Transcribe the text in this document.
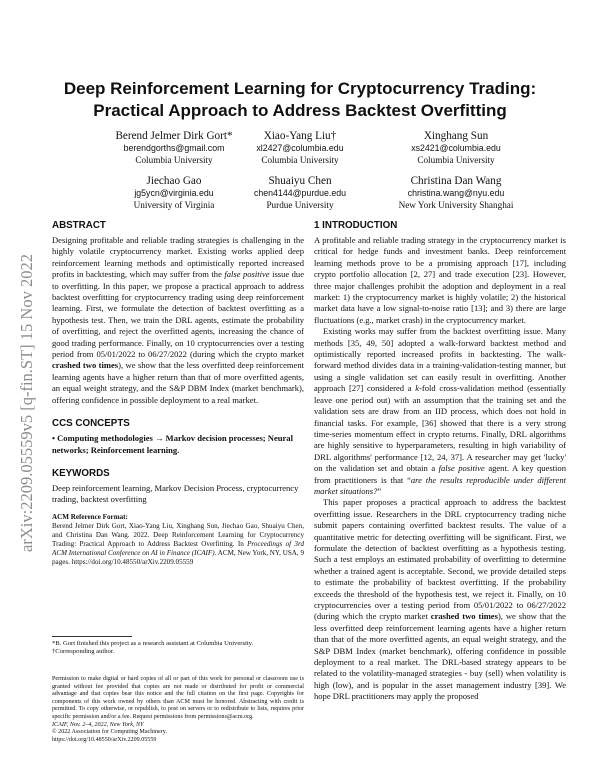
arXiv:2209.05559v5 [q-fin.ST] 15 Nov 2022
Deep Reinforcement Learning for Cryptocurrency Trading: Practical Approach to Address Backtest Overfitting
Berend Jelmer Dirk Gort*
berendgorths@gmail.com
Columbia University
Xiao-Yang Liu†
xl2427@columbia.edu
Columbia University
Xinghang Sun
xs2421@columbia.edu
Columbia University
Jiechao Gao
jg5ycn@virginia.edu
University of Virginia
Shuaiyu Chen
chen4144@purdue.edu
Purdue University
Christina Dan Wang
christina.wang@nyu.edu
New York University Shanghai
ABSTRACT

Designing profitable and reliable trading strategies is challenging in the highly volatile cryptocurrency market. Existing works applied deep reinforcement learning methods and optimistically reported increased profits in backtesting, which may suffer from the false positive issue due to overfitting. In this paper, we propose a practical approach to address backtest overfitting for cryptocurrency trading using deep reinforcement learning. First, we formulate the detection of backtest overfitting as a hypothesis test. Then, we train the DRL agents, estimate the probability of overfitting, and reject the overfitted agents, increasing the chance of good trading performance. Finally, on 10 cryptocurrencies over a testing period from 05/01/2022 to 06/27/2022 (during which the crypto market crashed two times), we show that the less overfitted deep reinforcement learning agents have a higher return than that of more overfitted agents, an equal weight strategy, and the S&P DBM Index (market benchmark), offering confidence in possible deployment to a real market.

CCS CONCEPTS

• Computing methodologies → Markov decision processes; Neural networks; Reinforcement learning.

KEYWORDS

Deep reinforcement learning, Markov Decision Process, cryptocurrency trading, backtest overfitting

ACM Reference Format:
Berend Jelmer Dirk Gort, Xiao-Yang Liu, Xinghang Sun, Jiechao Gao, Shuaiyu Chen, and Christina Dan Wang. 2022. Deep Reinforcement Learning for Cryptocurrency Trading: Practical Approach to Address Backtest Overfitting. In Proceedings of 3rd ACM International Conference on AI in Finance (ICAIF). ACM, New York, NY, USA, 9 pages. https://doi.org/10.48550/arXiv.2209.05559
*B. Gort finished this project as a research assistant at Columbia University.
†Corresponding author.
Permission to make digital or hard copies of all or part of this work for personal or classroom use is granted without fee provided that copies are not made or distributed for profit or commercial advantage and that copies bear this notice and the full citation on the first page. Copyrights for components of this work owned by others than ACM must be honored. Abstracting with credit is permitted. To copy otherwise, or republish, to post on servers or to redistribute to lists, requires prior specific permission and/or a fee. Request permissions from permissions@acm.org.
ICAIF, Nov. 2–4, 2022, New York, NY
© 2022 Association for Computing Machinery.
https://doi.org/10.48550/arXiv.2209.05559
1 INTRODUCTION

A profitable and reliable trading strategy in the cryptocurrency market is critical for hedge funds and investment banks. Deep reinforcement learning methods prove to be a promising approach [17], including crypto portfolio allocation [2, 27] and trade execution [23]. However, three major challenges prohibit the adoption and deployment in a real market: 1) the cryptocurrency market is highly volatile; 2) the historical market data have a low signal-to-noise ratio [13]; and 3) there are large fluctuations (e.g., market crash) in the cryptocurrency market.

Existing works may suffer from the backtest overfitting issue. Many methods [35, 49, 50] adopted a walk-forward backtest method and optimistically reported increased profits in backtesting. The walk-forward method divides data in a training-validation-testing manner, but using a single validation set can easily result in overfitting. Another approach [27] considered a k-fold cross-validation method (essentially leave one period out) with an assumption that the training set and the validation sets are draw from an IID process, which does not hold in financial tasks. For example, [36] showed that there is a very strong time-series momentum effect in crypto returns. Finally, DRL algorithms are highly sensitive to hyperparameters, resulting in high variability of DRL algorithms' performance [12, 24, 37]. A researcher may get 'lucky' on the validation set and obtain a false positive agent. A key question from practitioners is that “are the results reproducible under different market situations?”

This paper proposes a practical approach to address the backtest overfitting issue. Researchers in the DRL cryptocurrency trading niche submit papers containing overfitted backtest results. The value of a quantitative metric for detecting overfitting will be significant. First, we formulate the detection of backtest overfitting as a hypothesis testing. Such a test employs an estimated probability of overfitting to determine whether a trained agent is acceptable. Second, we provide detailed steps to estimate the probability of backtest overfitting. If the probability exceeds the threshold of the hypothesis test, we reject it. Finally, on 10 cryptocurrencies over a testing period from 05/01/2022 to 06/27/2022 (during which the crypto market crashed two times), we show that the less overfitted deep reinforcement learning agents have a higher return than that of the more overfitted agents, an equal weight strategy, and the S&P DBM Index (market benchmark), offering confidence in possible deployment to a real market. The DRL-based strategy appears to be related to the volatility-managed strategies - buy (sell) when volatility is high (low), and is popular in the asset management industry [39]. We hope DRL practitioners may apply the proposed
